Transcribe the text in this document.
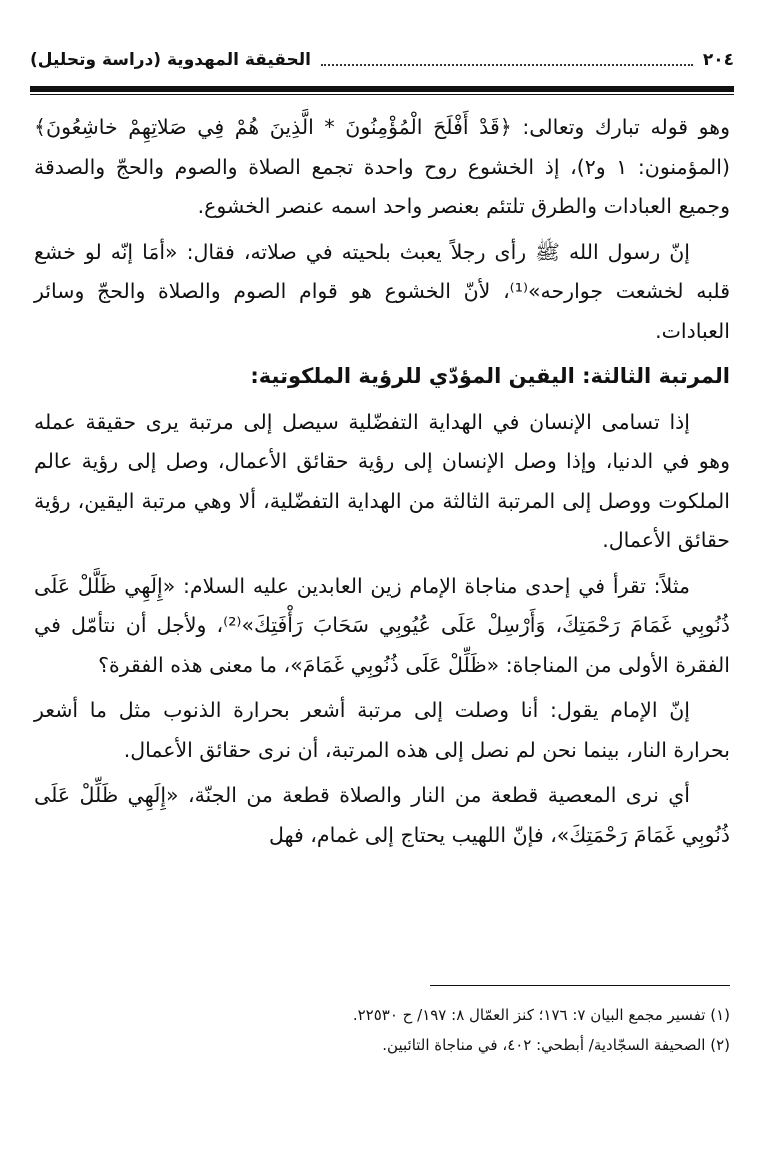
٢٠٤
الحقيقة المهدوية (دراسة وتحليل)

وهو قوله تبارك وتعالى: ﴿قَدْ أَفْلَحَ الْمُؤْمِنُونَ * الَّذِينَ هُمْ فِي صَلاتِهِمْ خاشِعُونَ﴾ (المؤمنون: ١ و٢)، إذ الخشوع روح واحدة تجمع الصلاة والصوم والحجّ والصدقة وجميع العبادات والطرق تلتئم بعنصر واحد اسمه عنصر الخشوع.

إنّ رسول الله ﷺ رأى رجلاً يعبث بلحيته في صلاته، فقال: «أمَا إنّه لو خشع قلبه لخشعت جوارحه»⁽¹⁾، لأنّ الخشوع هو قوام الصوم والصلاة والحجّ وسائر العبادات.

المرتبة الثالثة: اليقين المؤدّي للرؤية الملكوتية:

إذا تسامى الإنسان في الهداية التفضّلية سيصل إلى مرتبة يرى حقيقة عمله وهو في الدنيا، وإذا وصل الإنسان إلى رؤية حقائق الأعمال، وصل إلى رؤية عالم الملكوت ووصل إلى المرتبة الثالثة من الهداية التفضّلية، ألا وهي مرتبة اليقين، رؤية حقائق الأعمال.

مثلاً: تقرأ في إحدى مناجاة الإمام زين العابدين عليه السلام: «إِلَهِي ظَلَّلْ عَلَى ذُنُوبِي غَمَامَ رَحْمَتِكَ، وَأَرْسِلْ عَلَى عُيُوبِي سَحَابَ رَأْفَتِكَ»⁽²⁾، ولأجل أن نتأمّل في الفقرة الأولى من المناجاة: «ظَلِّلْ عَلَى ذُنُوبِي غَمَامَ»، ما معنى هذه الفقرة؟

إنّ الإمام يقول: أنا وصلت إلى مرتبة أشعر بحرارة الذنوب مثل ما أشعر بحرارة النار، بينما نحن لم نصل إلى هذه المرتبة، أن نرى حقائق الأعمال.

أي نرى المعصية قطعة من النار والصلاة قطعة من الجنّة، «إِلَهِي ظَلِّلْ عَلَى ذُنُوبِي غَمَامَ رَحْمَتِكَ»، فإنّ اللهيب يحتاج إلى غمام، فهل

(١) تفسير مجمع البيان ٧: ١٧٦؛ كنز العمّال ٨: ١٩٧/ ح ٢٢٥٣٠.
(٢) الصحيفة السجّادية/ أبطحي: ٤٠٢، في مناجاة التائبين.
